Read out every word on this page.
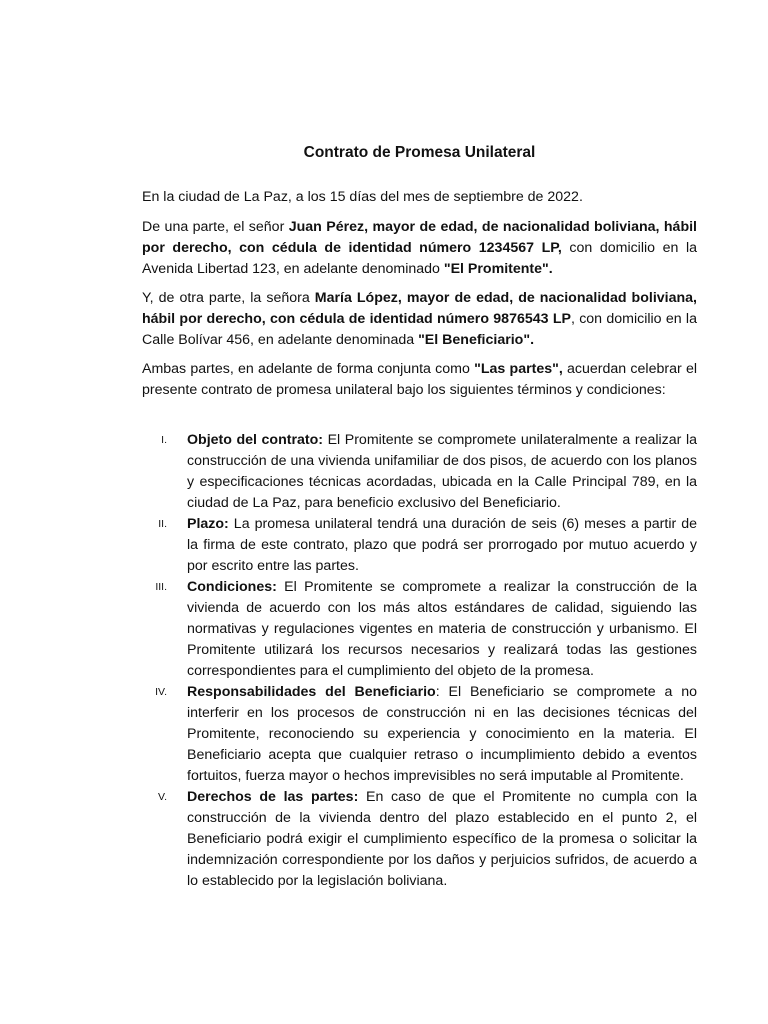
Contrato de Promesa Unilateral

En la ciudad de La Paz, a los 15 días del mes de septiembre de 2022.

De una parte, el señor Juan Pérez, mayor de edad, de nacionalidad boliviana, hábil por derecho, con cédula de identidad número 1234567 LP, con domicilio en la Avenida Libertad 123, en adelante denominado "El Promitente".

Y, de otra parte, la señora María López, mayor de edad, de nacionalidad boliviana, hábil por derecho, con cédula de identidad número 9876543 LP, con domicilio en la Calle Bolívar 456, en adelante denominada "El Beneficiario".

Ambas partes, en adelante de forma conjunta como "Las partes", acuerdan celebrar el presente contrato de promesa unilateral bajo los siguientes términos y condiciones:

I. Objeto del contrato: El Promitente se compromete unilateralmente a realizar la construcción de una vivienda unifamiliar de dos pisos, de acuerdo con los planos y especificaciones técnicas acordadas, ubicada en la Calle Principal 789, en la ciudad de La Paz, para beneficio exclusivo del Beneficiario.
II. Plazo: La promesa unilateral tendrá una duración de seis (6) meses a partir de la firma de este contrato, plazo que podrá ser prorrogado por mutuo acuerdo y por escrito entre las partes.
III. Condiciones: El Promitente se compromete a realizar la construcción de la vivienda de acuerdo con los más altos estándares de calidad, siguiendo las normativas y regulaciones vigentes en materia de construcción y urbanismo. El Promitente utilizará los recursos necesarios y realizará todas las gestiones correspondientes para el cumplimiento del objeto de la promesa.
IV. Responsabilidades del Beneficiario: El Beneficiario se compromete a no interferir en los procesos de construcción ni en las decisiones técnicas del Promitente, reconociendo su experiencia y conocimiento en la materia. El Beneficiario acepta que cualquier retraso o incumplimiento debido a eventos fortuitos, fuerza mayor o hechos imprevisibles no será imputable al Promitente.
V. Derechos de las partes: En caso de que el Promitente no cumpla con la construcción de la vivienda dentro del plazo establecido en el punto 2, el Beneficiario podrá exigir el cumplimiento específico de la promesa o solicitar la indemnización correspondiente por los daños y perjuicios sufridos, de acuerdo a lo establecido por la legislación boliviana.
